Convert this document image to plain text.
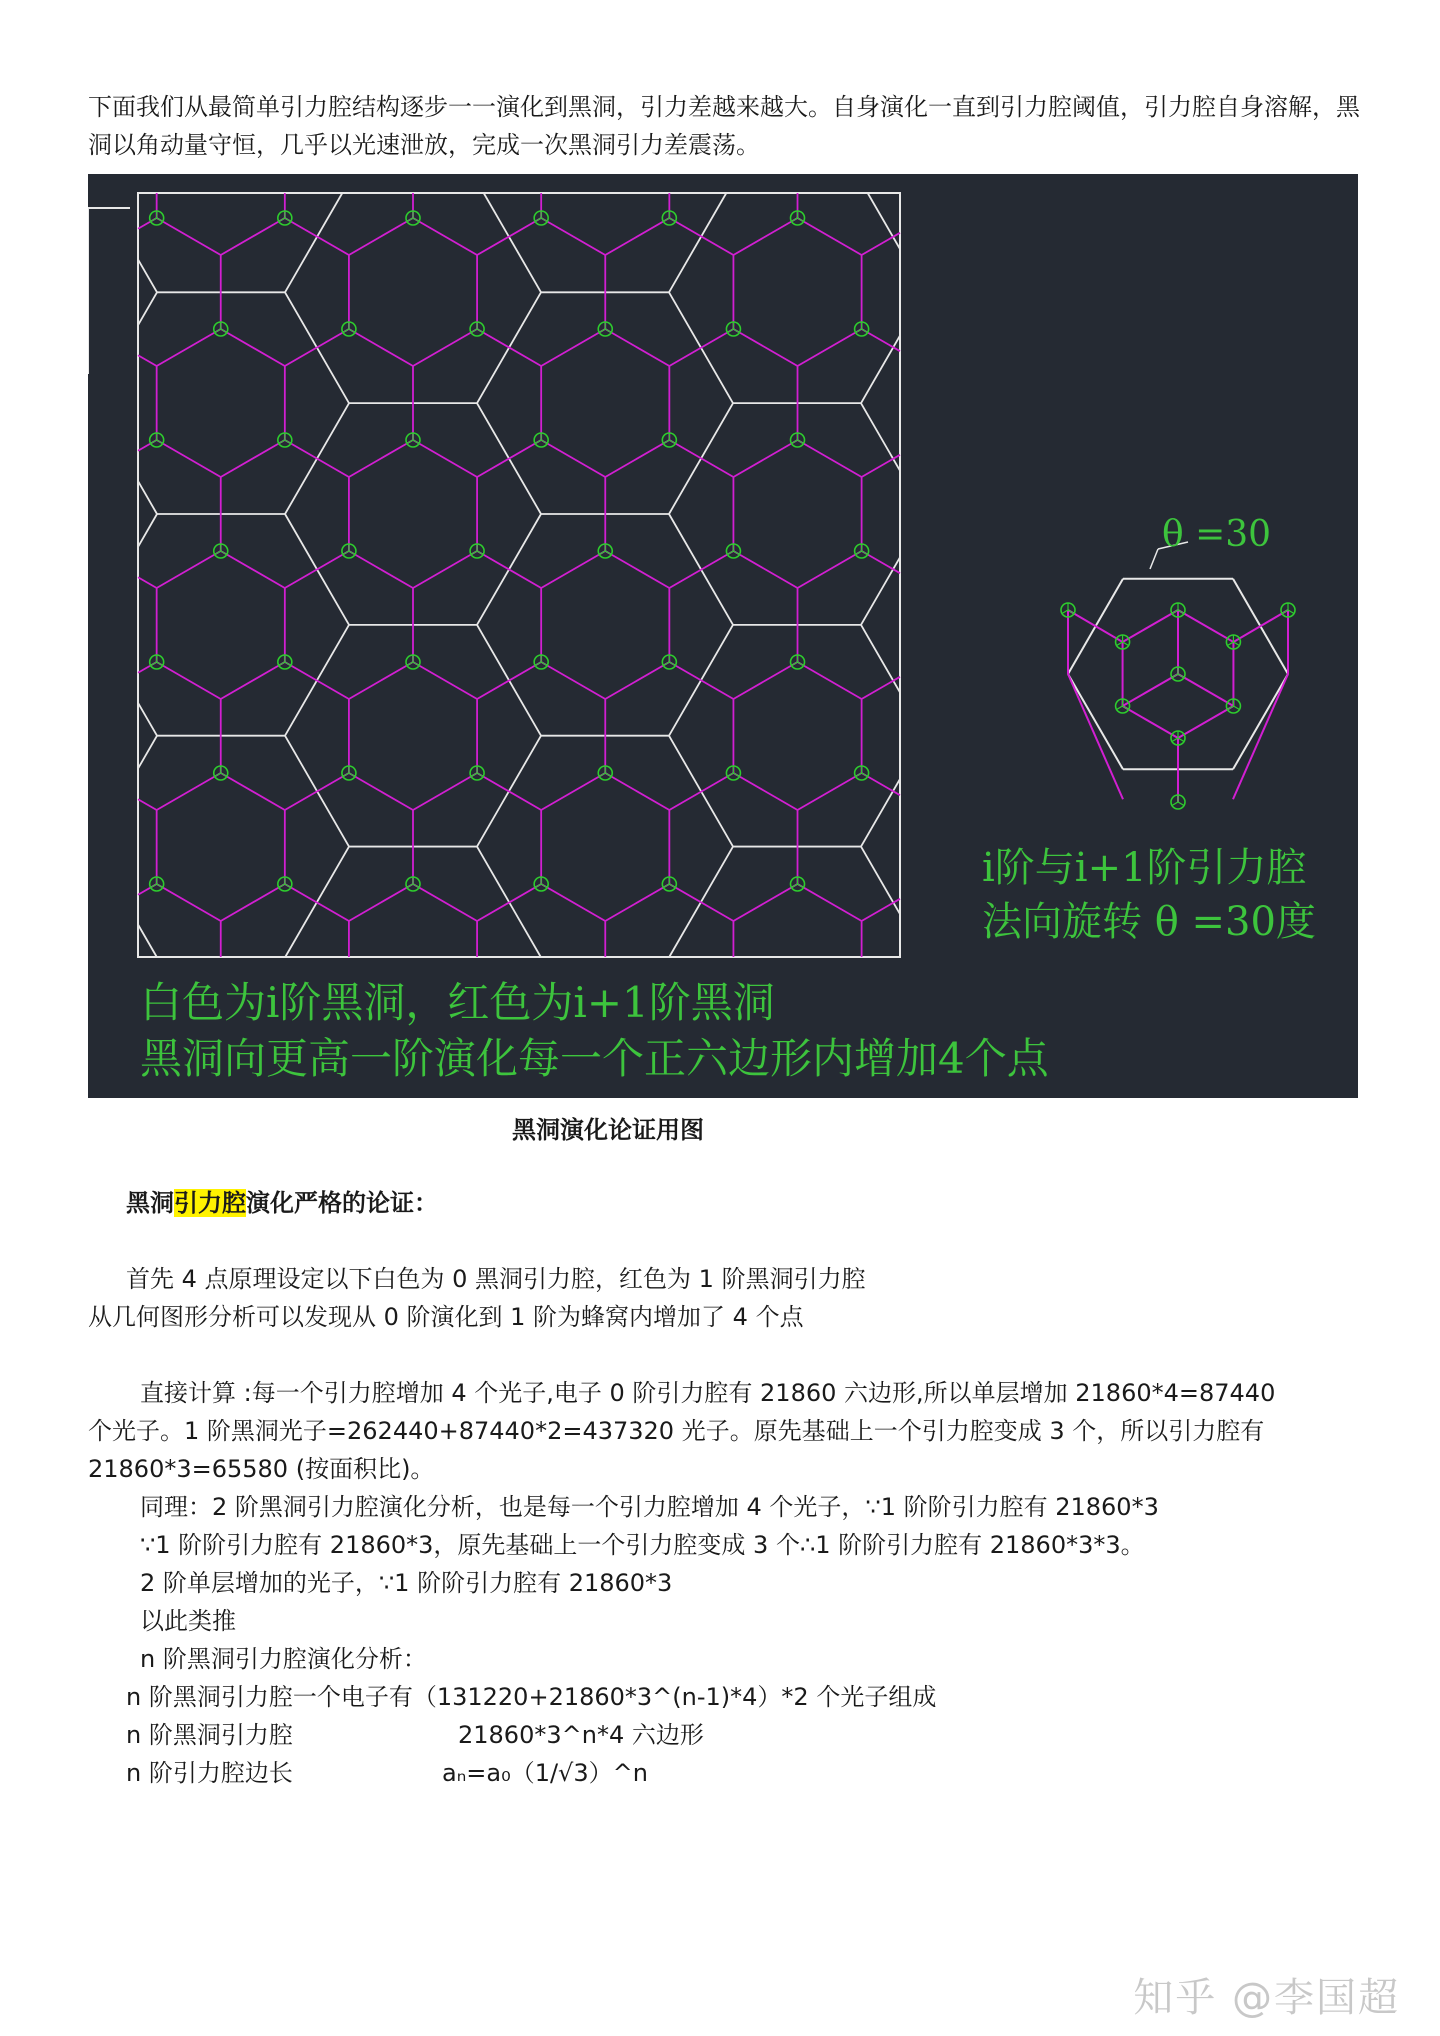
下面我们从最简单引力腔结构逐步一一演化到黑洞，引力差越来越大。自身演化一直到引力腔阈值，引力腔自身溶解，黑洞以角动量守恒，几乎以光速泄放，完成一次黑洞引力差震荡。

θ =30

i阶与i+1阶引力腔

法向旋转 θ =30度

白色为i阶黑洞，红色为i+1阶黑洞

黑洞向更高一阶演化每一个正六边形内增加4个点

黑洞演化论证用图

黑洞引力腔演化严格的论证：

首先 4 点原理设定以下白色为 0 黑洞引力腔，红色为 1 阶黑洞引力腔

从几何图形分析可以发现从 0 阶演化到 1 阶为蜂窝内增加了 4 个点

直接计算 :每一个引力腔增加 4 个光子,电子 0 阶引力腔有 21860 六边形,所以单层增加 21860*4=87440

个光子。1 阶黑洞光子=262440+87440*2=437320 光子。原先基础上一个引力腔变成 3 个，所以引力腔有

21860*3=65580 (按面积比)。

同理：2 阶黑洞引力腔演化分析，也是每一个引力腔增加 4 个光子，∵1 阶阶引力腔有 21860*3

∵1 阶阶引力腔有 21860*3，原先基础上一个引力腔变成 3 个∴1 阶阶引力腔有 21860*3*3。

2 阶单层增加的光子，∵1 阶阶引力腔有 21860*3

以此类推

n 阶黑洞引力腔演化分析：

n 阶黑洞引力腔一个电子有（131220+21860*3^(n-1)*4）*2 个光子组成

n 阶黑洞引力腔	21860*3^n*4 六边形

n 阶引力腔边长	aₙ=a₀（1/√3）^n

知乎 @李国超
